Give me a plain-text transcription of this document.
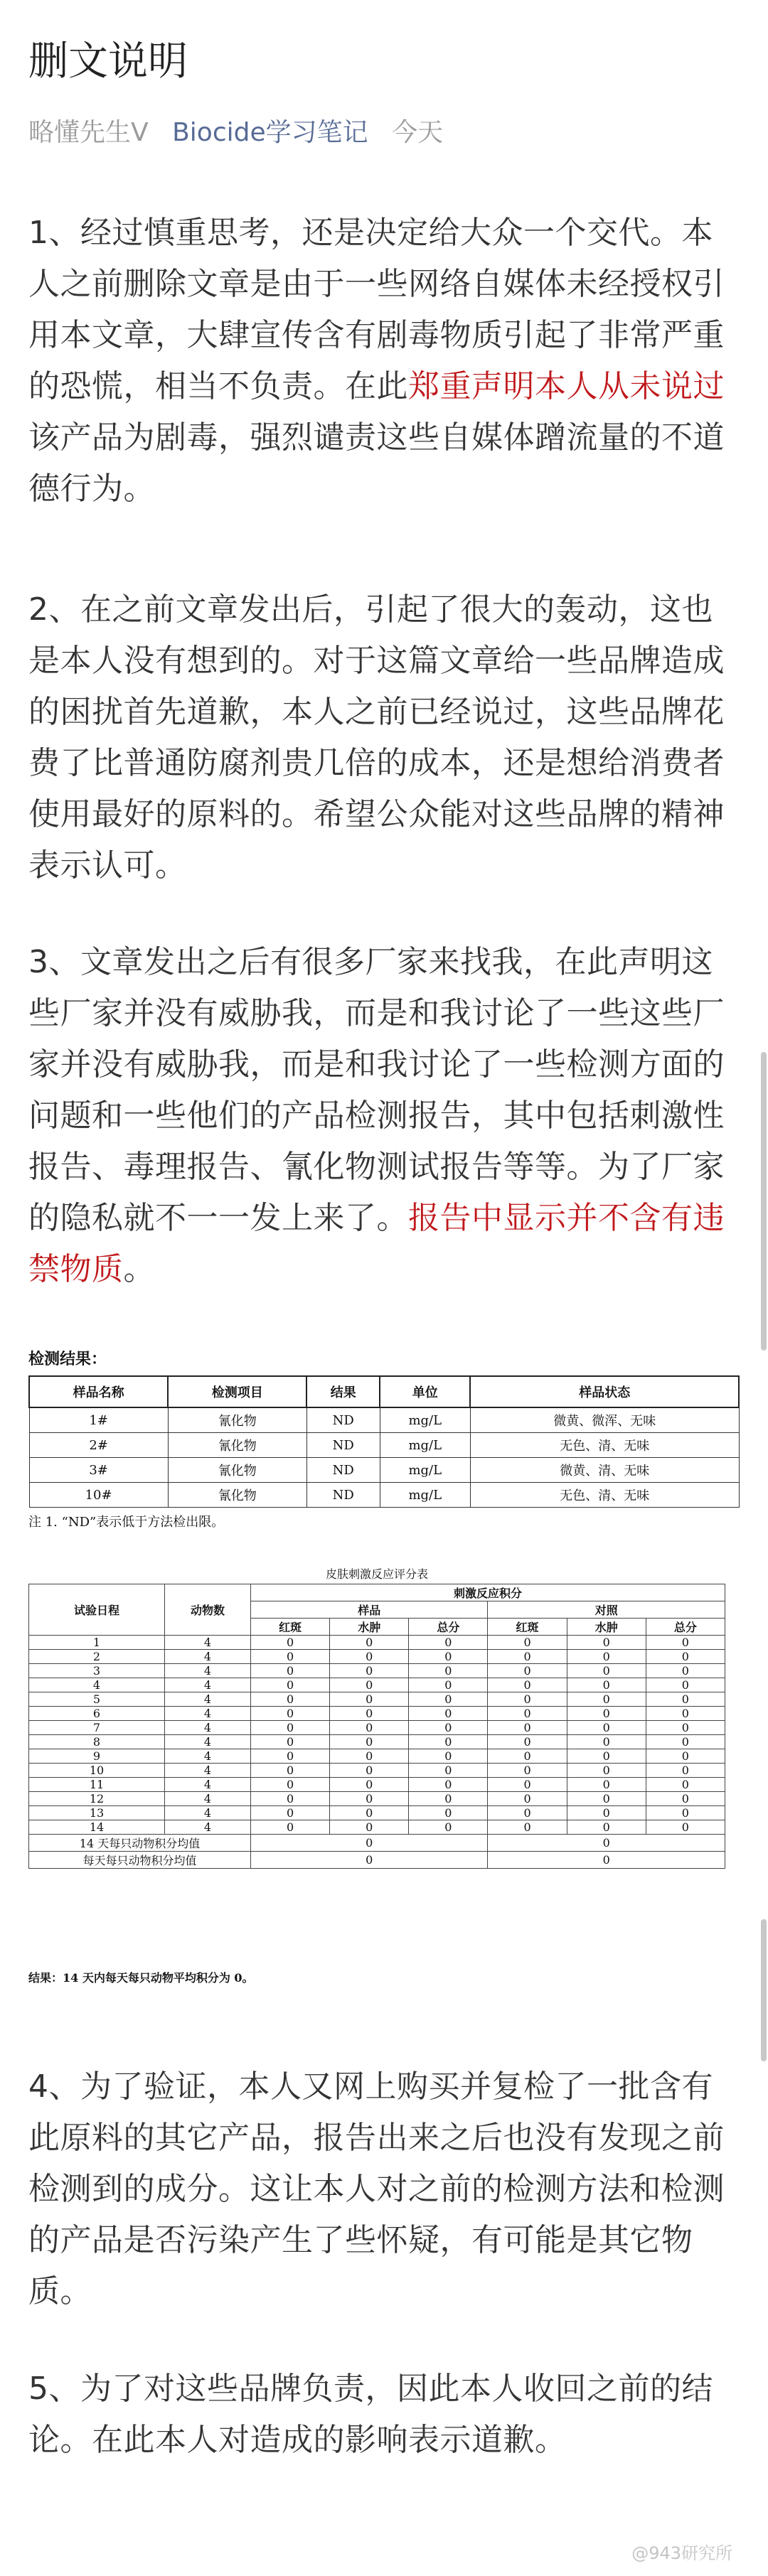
删文说明
略懂先生V Biocide学习笔记 今天
1、经过慎重思考，还是决定给大众一个交代。本人之前删除文章是由于一些网络自媒体未经授权引用本文章，大肆宣传含有剧毒物质引起了非常严重的恐慌，相当不负责。在此郑重声明本人从未说过该产品为剧毒，强烈谴责这些自媒体蹭流量的不道德行为。
2、在之前文章发出后，引起了很大的轰动，这也是本人没有想到的。对于这篇文章给一些品牌造成的困扰首先道歉，本人之前已经说过，这些品牌花费了比普通防腐剂贵几倍的成本，还是想给消费者使用最好的原料的。希望公众能对这些品牌的精神表示认可。
3、文章发出之后有很多厂家来找我，在此声明这些厂家并没有威胁我，而是和我讨论了一些这些厂家并没有威胁我，而是和我讨论了一些检测方面的问题和一些他们的产品检测报告，其中包括刺激性报告、毒理报告、氰化物测试报告等等。为了厂家的隐私就不一一发上来了。报告中显示并不含有违禁物质。
检测结果：
样品名称	检测项目	结果	单位	样品状态
1#	氰化物	ND	mg/L	微黄、微浑、无味
2#	氰化物	ND	mg/L	无色、清、无味
3#	氰化物	ND	mg/L	微黄、清、无味
10#	氰化物	ND	mg/L	无色、清、无味
注 1. “ND”表示低于方法检出限。
皮肤刺激反应评分表							
试验日程	动物数	刺激反应积分					
		样品			对照		
		红斑	水肿	总分	红斑	水肿	总分
1	4	0	0	0	0	0	0
2	4	0	0	0	0	0	0
3	4	0	0	0	0	0	0
4	4	0	0	0	0	0	0
5	4	0	0	0	0	0	0
6	4	0	0	0	0	0	0
7	4	0	0	0	0	0	0
8	4	0	0	0	0	0	0
9	4	0	0	0	0	0	0
10	4	0	0	0	0	0	0
11	4	0	0	0	0	0	0
12	4	0	0	0	0	0	0
13	4	0	0	0	0	0	0
14	4	0	0	0	0	0	0
14 天每只动物积分均值		0			0		
每天每只动物积分均值		0			0		
结果：14 天内每天每只动物平均积分为 0。
4、为了验证，本人又网上购买并复检了一批含有此原料的其它产品，报告出来之后也没有发现之前检测到的成分。这让本人对之前的检测方法和检测的产品是否污染产生了些怀疑，有可能是其它物质。
5、为了对这些品牌负责，因此本人收回之前的结论。在此本人对造成的影响表示道歉。
@943研究所
